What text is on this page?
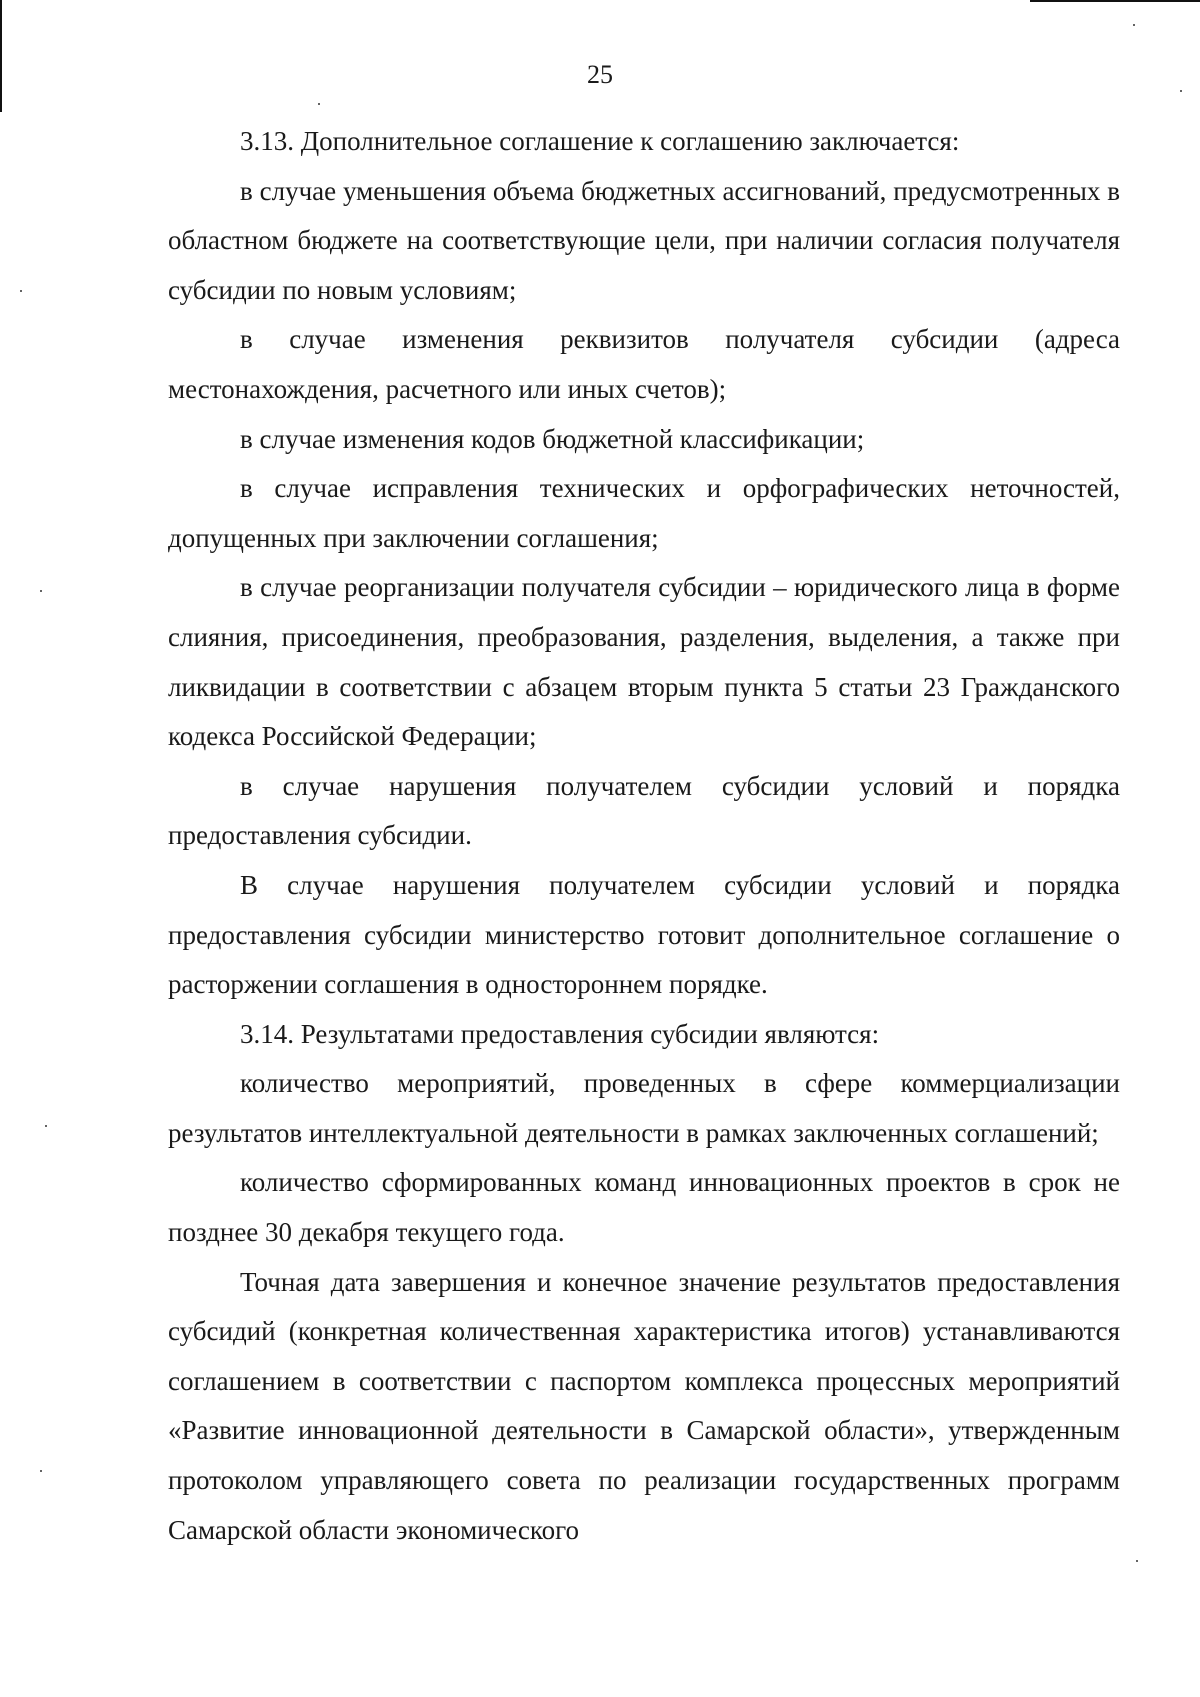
25

3.13. Дополнительное соглашение к соглашению заключается:

в случае уменьшения объема бюджетных ассигнований, предусмотренных в областном бюджете на соответствующие цели, при наличии согласия получателя субсидии по новым условиям;

в случае изменения реквизитов получателя субсидии (адреса местонахождения, расчетного или иных счетов);

в случае изменения кодов бюджетной классификации;

в случае исправления технических и орфографических неточностей, допущенных при заключении соглашения;

в случае реорганизации получателя субсидии – юридического лица в форме слияния, присоединения, преобразования, разделения, выделения, а также при ликвидации в соответствии с абзацем вторым пункта 5 статьи 23 Гражданского кодекса Российской Федерации;

в случае нарушения получателем субсидии условий и порядка предоставления субсидии.

В случае нарушения получателем субсидии условий и порядка предоставления субсидии министерство готовит дополнительное соглашение о расторжении соглашения в одностороннем порядке.

3.14. Результатами предоставления субсидии являются:

количество мероприятий, проведенных в сфере коммерциализации результатов интеллектуальной деятельности в рамках заключенных соглашений;

количество сформированных команд инновационных проектов в срок не позднее 30 декабря текущего года.

Точная дата завершения и конечное значение результатов предоставления субсидий (конкретная количественная характеристика итогов) устанавливаются соглашением в соответствии с паспортом комплекса процессных мероприятий «Развитие инновационной деятельности в Самарской области», утвержденным протоколом управляющего совета по реализации государственных программ Самарской области экономического
